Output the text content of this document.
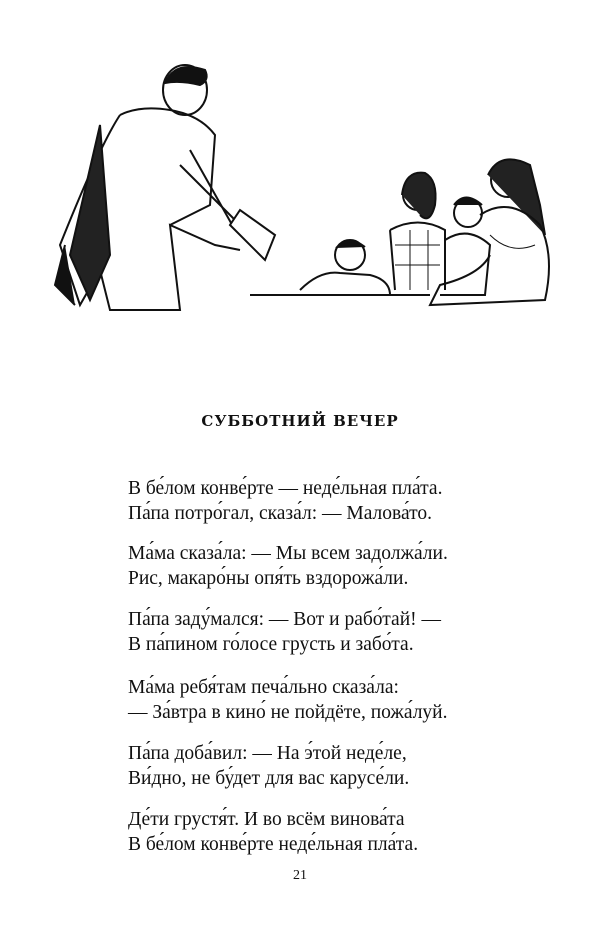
СУББОТНИЙ ВЕЧЕР
В бе́лом конве́рте — неде́льная пла́та.
Па́па потро́гал, сказа́л: — Малова́то.
Ма́ма сказа́ла: — Мы всем задолжа́ли.
Рис, макаро́ны опя́ть вздорожа́ли.
Па́па заду́мался: — Вот и рабо́тай! —
В па́пином го́лосе грусть и забо́та.
Ма́ма ребя́там печа́льно сказа́ла:
— За́втра в кино́ не пойдёте, пожа́луй.
Па́па доба́вил: — На э́той неде́ле,
Ви́дно, не бу́дет для вас карусе́ли.
Де́ти грустя́т. И во всём винова́та
В бе́лом конве́рте неде́льная пла́та.
21
